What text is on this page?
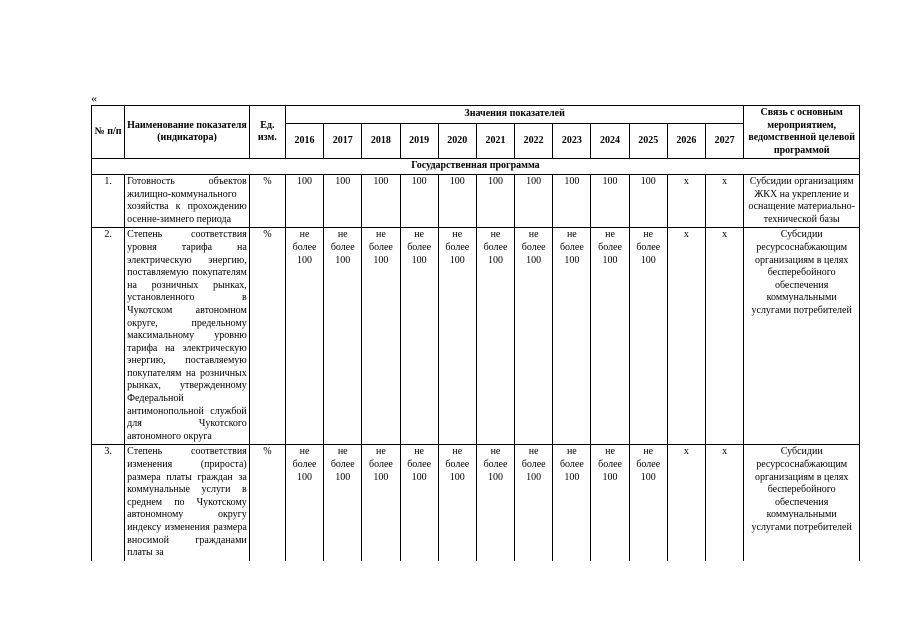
«
№ п/п	Наименование показателя (индикатора)	Ед. изм.	Значения показателей												Связь с основным мероприятием, ведомственной целевой программой
			2016	2017	2018	2019	2020	2021	2022	2023	2024	2025	2026	2027	
Государственная программа															
1.	Готовность объектов жилищно-коммунального хозяйства к прохождению осенне-зимнего периода	%	100	100	100	100	100	100	100	100	100	100	х	х	Субсидии организациям ЖКХ на укрепление и оснащение материально-технической базы
2.	Степень соответствия уровня тарифа на электрическую энергию, поставляемую покупателям на розничных рынках, установленного в Чукотском автономном округе, предельному максимальному уровню тарифа на электрическую энергию, поставляемую покупателям на розничных рынках, утвержденному Федеральной антимонопольной службой для Чукотского автономного округа	%	не более 100	не более 100	не более 100	не более 100	не более 100	не более 100	не более 100	не более 100	не более 100	не более 100	х	х	Субсидии ресурсоснабжающим организациям в целях бесперебойного обеспечения коммунальными услугами потребителей
3.	Степень соответствия изменения (прироста) размера платы граждан за коммунальные услуги в среднем по Чукотскому автономному округу индексу изменения размера вносимой гражданами платы за	%	не более 100	не более 100	не более 100	не более 100	не более 100	не более 100	не более 100	не более 100	не более 100	не более 100	х	х	Субсидии ресурсоснабжающим организациям в целях бесперебойного обеспечения коммунальными услугами потребителей
